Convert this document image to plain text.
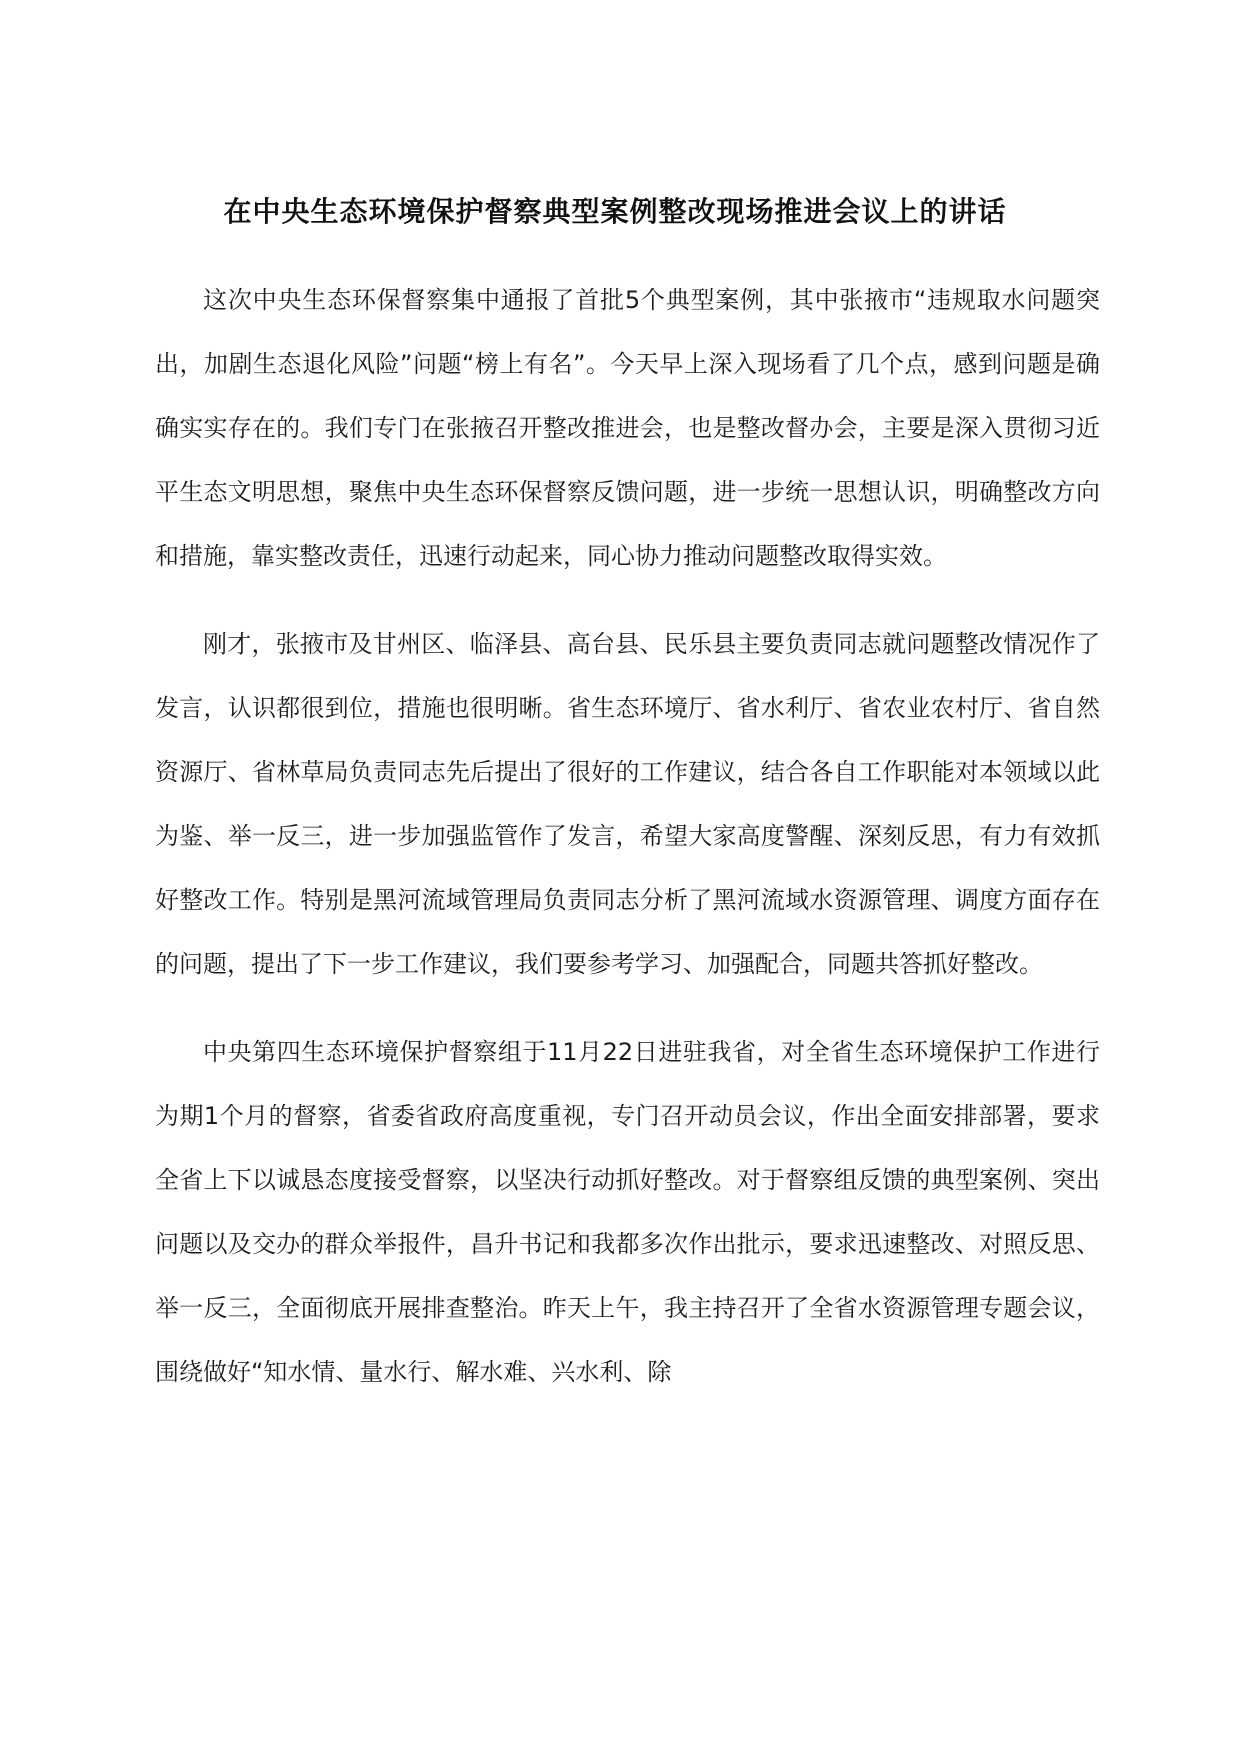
在中央生态环境保护督察典型案例整改现场推进会议上的讲话

这次中央生态环保督察集中通报了首批5个典型案例，其中张掖市“违规取水问题突出，加剧生态退化风险”问题“榜上有名”。今天早上深入现场看了几个点，感到问题是确确实实存在的。我们专门在张掖召开整改推进会，也是整改督办会，主要是深入贯彻习近平生态文明思想，聚焦中央生态环保督察反馈问题，进一步统一思想认识，明确整改方向和措施，靠实整改责任，迅速行动起来，同心协力推动问题整改取得实效。

刚才，张掖市及甘州区、临泽县、高台县、民乐县主要负责同志就问题整改情况作了发言，认识都很到位，措施也很明晰。省生态环境厅、省水利厅、省农业农村厅、省自然资源厅、省林草局负责同志先后提出了很好的工作建议，结合各自工作职能对本领域以此为鉴、举一反三，进一步加强监管作了发言，希望大家高度警醒、深刻反思，有力有效抓好整改工作。特别是黑河流域管理局负责同志分析了黑河流域水资源管理、调度方面存在的问题，提出了下一步工作建议，我们要参考学习、加强配合，同题共答抓好整改。

中央第四生态环境保护督察组于11月22日进驻我省，对全省生态环境保护工作进行为期1个月的督察，省委省政府高度重视，专门召开动员会议，作出全面安排部署，要求全省上下以诚恳态度接受督察，以坚决行动抓好整改。对于督察组反馈的典型案例、突出问题以及交办的群众举报件，昌升书记和我都多次作出批示，要求迅速整改、对照反思、举一反三，全面彻底开展排查整治。昨天上午，我主持召开了全省水资源管理专题会议，围绕做好“知水情、量水行、解水难、兴水利、除
